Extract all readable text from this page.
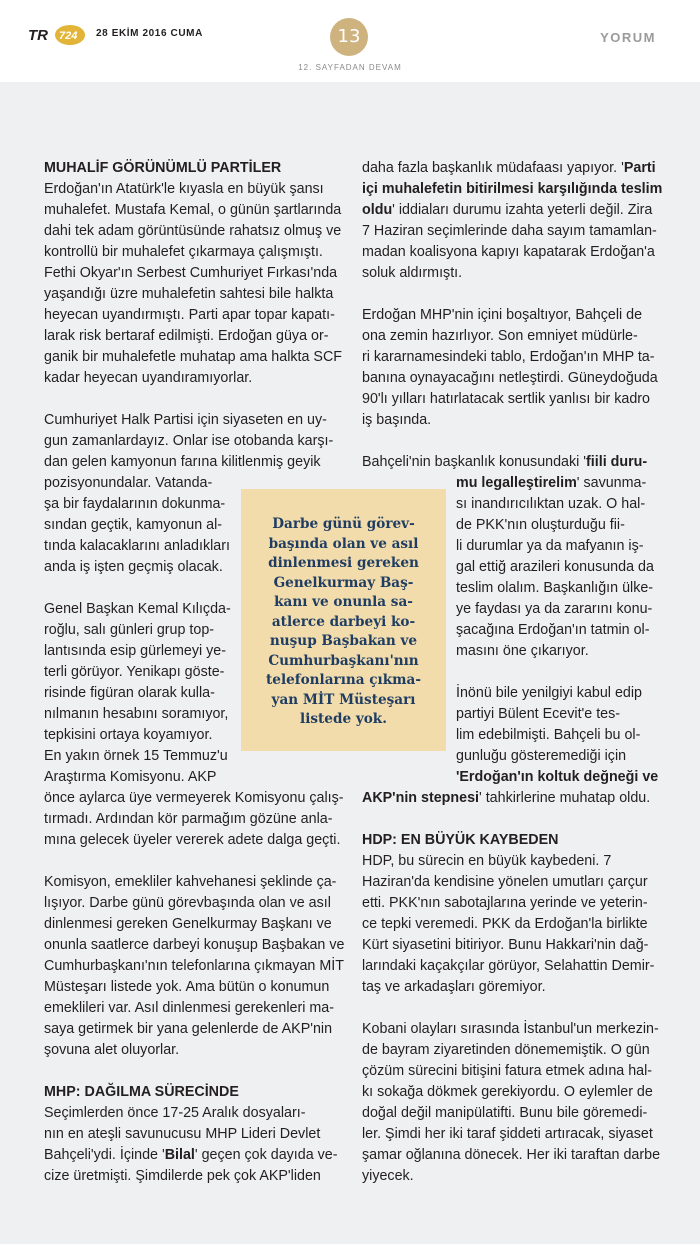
TR 724 28 EKİM 2016 CUMA	13
12. SAYFADAN DEVAM
YORUM
MUHALİF GÖRÜNÜMLÜ PARTİLER

Erdoğan'ın Atatürk'le kıyasla en büyük şansı
muhalefet. Mustafa Kemal, o günün şartlarında
dahi tek adam görüntüsünde rahatsız olmuş ve
kontrollü bir muhalefet çıkarmaya çalışmıştı.
Fethi Okyar'ın Serbest Cumhuriyet Fırkası'nda
yaşandığı üzre muhalefetin sahtesi bile halkta
heyecan uyandırmıştı. Parti apar topar kapatı-
larak risk bertaraf edilmişti. Erdoğan güya or-
ganik bir muhalefetle muhatap ama halkta SCF
kadar heyecan uyandıramıyorlar.

Cumhuriyet Halk Partisi için siyaseten en uy-
gun zamanlardayız. Onlar ise otobanda karşı-
dan gelen kamyonun farına kilitlenmiş geyik
pozisyonundalar. Vatanda-
şa bir faydalarının dokunma-
sından geçtik, kamyonun al-
tında kalacaklarını anladıkları
anda iş işten geçmiş olacak.

Genel Başkan Kemal Kılıçda-
roğlu, salı günleri grup top-
lantısında esip gürlemeyi ye-
terli görüyor. Yenikapı göste-
risinde figüran olarak kulla-
nılmanın hesabını soramıyor,
tepkisini ortaya koyamıyor.
En yakın örnek 15 Temmuz'u
Araştırma Komisyonu. AKP
önce aylarca üye vermeyerek Komisyonu çalış-
tırmadı. Ardından kör parmağım gözüne anla-
mına gelecek üyeler vererek adete dalga geçti.

Komisyon, emekliler kahvehanesi şeklinde ça-
lışıyor. Darbe günü görevbaşında olan ve asıl
dinlenmesi gereken Genelkurmay Başkanı ve
onunla saatlerce darbeyi konuşup Başbakan ve
Cumhurbaşkanı'nın telefonlarına çıkmayan MİT
Müsteşarı listede yok. Ama bütün o konumun
emeklileri var. Asıl dinlenmesi gerekenleri ma-
saya getirmek bir yana gelenlerde de AKP'nin
şovuna alet oluyorlar.

MHP: DAĞILMA SÜRECİNDE

Seçimlerden önce 17-25 Aralık dosyaları-
nın en ateşli savunucusu MHP Lideri Devlet
Bahçeli'ydi. İçinde 'Bilal' geçen çok dayıda ve-
cize üretmişti. Şimdilerde pek çok AKP'liden

daha fazla başkanlık müdafaası yapıyor. 'Parti
içi muhalefetin bitirilmesi karşılığında teslim
oldu' iddiaları durumu izahta yeterli değil. Zira
7 Haziran seçimlerinde daha sayım tamamlan-
madan koalisyona kapıyı kapatarak Erdoğan'a
soluk aldırmıştı.

Erdoğan MHP'nin içini boşaltıyor, Bahçeli de
ona zemin hazırlıyor. Son emniyet müdürle-
ri kararnamesindeki tablo, Erdoğan'ın MHP ta-
banına oynayacağını netleştirdi. Güneydoğuda
90'lı yılları hatırlatacak sertlik yanlısı bir kadro
iş başında.

Bahçeli'nin başkanlık konusundaki 'fiili duru-
mu legalleştirelim' savunma-
sı inandırıcılıktan uzak. O hal-
de PKK'nın oluşturduğu fii-
li durumlar ya da mafyanın iş-
gal ettiğ arazileri konusunda da
teslim olalım. Başkanlığın ülke-
ye faydası ya da zararını konu-
şacağına Erdoğan'ın tatmin ol-
masını öne çıkarıyor.

İnönü bile yenilgiyi kabul edip
partiyi Bülent Ecevit'e tes-
lim edebilmişti. Bahçeli bu ol-
gunluğu gösteremediği için
'Erdoğan'ın koltuk değneği ve
AKP'nin stepnesi' tahkirlerine muhatap oldu.

HDP: EN BÜYÜK KAYBEDEN

HDP, bu sürecin en büyük kaybedeni. 7
Haziran'da kendisine yönelen umutları çarçur
etti. PKK'nın sabotajlarına yerinde ve yeterin-
ce tepki veremedi. PKK da Erdoğan'la birlikte
Kürt siyasetini bitiriyor. Bunu Hakkari'nin dağ-
larındaki kaçakçılar görüyor, Selahattin Demir-
taş ve arkadaşları göremiyor.

Kobani olayları sırasında İstanbul'un merkezin-
de bayram ziyaretinden dönememiştik. O gün
çözüm sürecini bitişini fatura etmek adına hal-
kı sokağa dökmek gerekiyordu. O eylemler de
doğal değil manipülatifti. Bunu bile göremedi-
ler. Şimdi her iki taraf şiddeti artıracak, siyaset
şamar oğlanına dönecek. Her iki taraftan darbe
yiyecek.

Darbe günü görev-
başında olan ve asıl
dinlenmesi gereken
Genelkurmay Baş-
kanı ve onunla sa-
atlerce darbeyi ko-
nuşup Başbakan ve
Cumhurbaşkanı'nın
telefonlarına çıkma-
yan MİT Müsteşarı
listede yok.
